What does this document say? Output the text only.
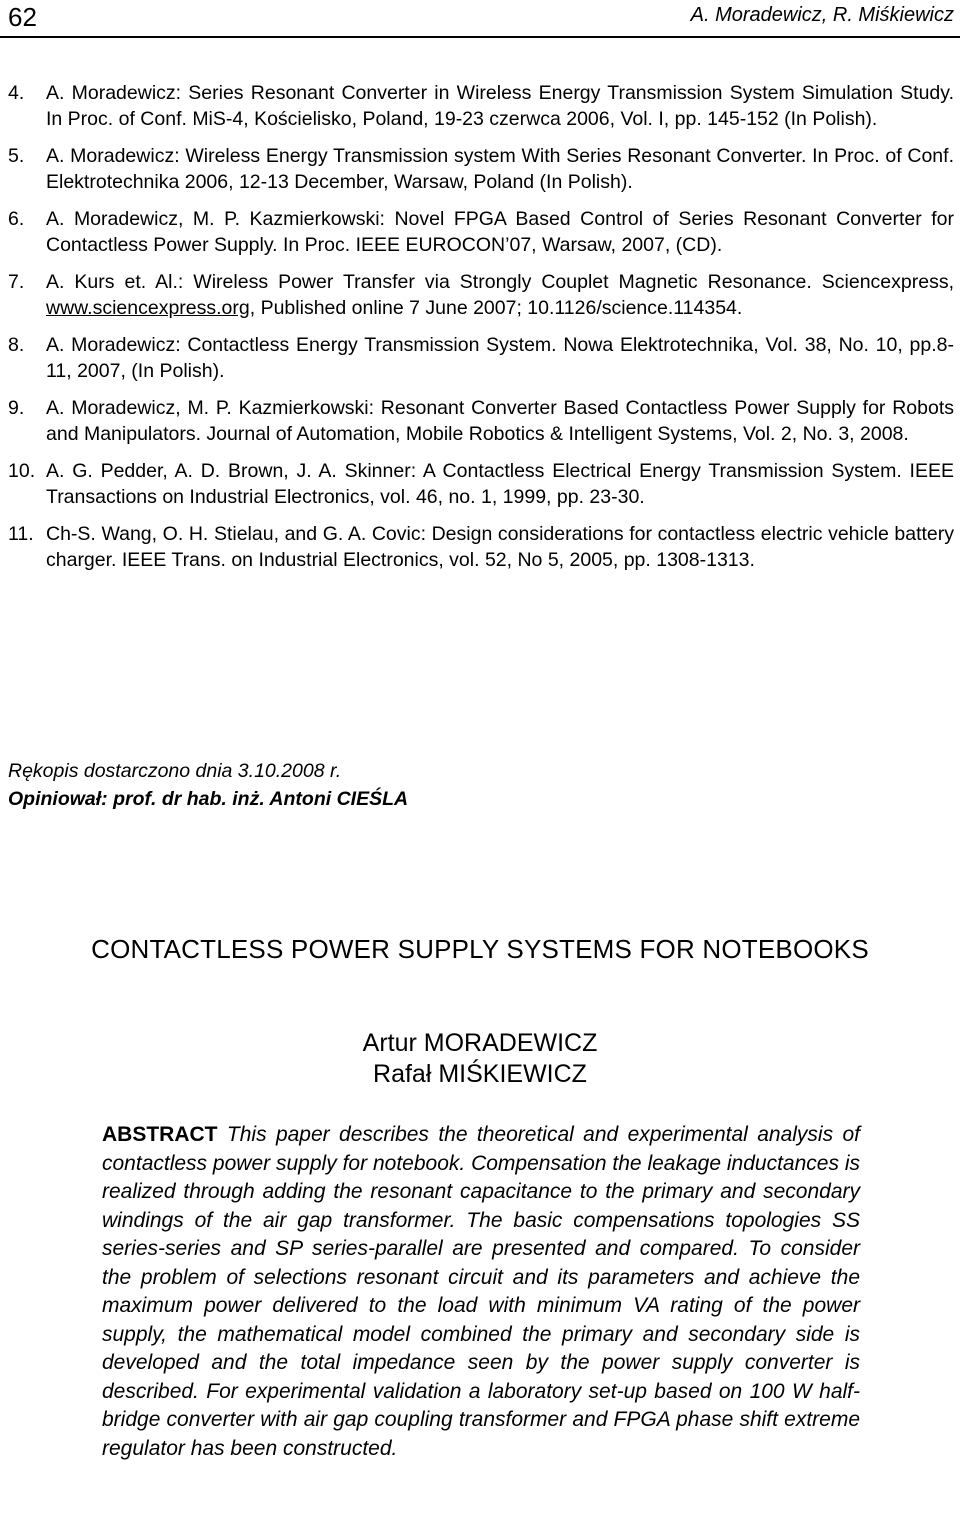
62	A. Moradewicz, R. Miśkiewicz
4.	A. Moradewicz: Series Resonant Converter in Wireless Energy Transmission System Simulation Study. In Proc. of Conf. MiS-4, Kościelisko, Poland, 19-23 czerwca 2006, Vol. I, pp. 145-152 (In Polish).
5.	A. Moradewicz: Wireless Energy Transmission system With Series Resonant Converter. In Proc. of Conf. Elektrotechnika 2006, 12-13 December, Warsaw, Poland (In Polish).
6.	A. Moradewicz, M. P. Kazmierkowski: Novel FPGA Based Control of Series Resonant Converter for Contactless Power Supply. In Proc. IEEE EUROCON’07, Warsaw, 2007, (CD).
7.	A. Kurs et. Al.: Wireless Power Transfer via Strongly Couplet Magnetic Resonance. Sciencexpress, www.sciencexpress.org, Published online 7 June 2007; 10.1126/science.114354.
8.	A. Moradewicz: Contactless Energy Transmission System. Nowa Elektrotechnika, Vol. 38, No. 10, pp.8-11, 2007, (In Polish).
9.	A. Moradewicz, M. P. Kazmierkowski: Resonant Converter Based Contactless Power Supply for Robots and Manipulators. Journal of Automation, Mobile Robotics & Intelligent Systems, Vol. 2, No. 3, 2008.
10. A. G. Pedder, A. D. Brown, J. A. Skinner: A Contactless Electrical Energy Transmission System. IEEE Transactions on Industrial Electronics, vol. 46, no. 1, 1999, pp. 23-30.
11. Ch-S. Wang, O. H. Stielau, and G. A. Covic: Design considerations for contactless electric vehicle battery charger. IEEE Trans. on Industrial Electronics, vol. 52, No 5, 2005, pp. 1308-1313.
Rękopis dostarczono dnia 3.10.2008 r.
Opiniował: prof. dr hab. inż. Antoni CIEŚLA
CONTACTLESS POWER SUPPLY SYSTEMS FOR NOTEBOOKS
Artur MORADEWICZ
Rafał MIŚKIEWICZ
ABSTRACT This paper describes the theoretical and experimental analysis of contactless power supply for notebook. Compensation the leakage inductances is realized through adding the resonant capacitance to the primary and secondary windings of the air gap transformer. The basic compensations topologies SS series-series and SP series-parallel are presented and compared. To consider the problem of selections resonant circuit and its parameters and achieve the maximum power delivered to the load with minimum VA rating of the power supply, the mathematical model combined the primary and secondary side is developed and the total impedance seen by the power supply converter is described. For experimental validation a laboratory set-up based on 100 W half-bridge converter with air gap coupling transformer and FPGA phase shift extreme regulator has been constructed.
